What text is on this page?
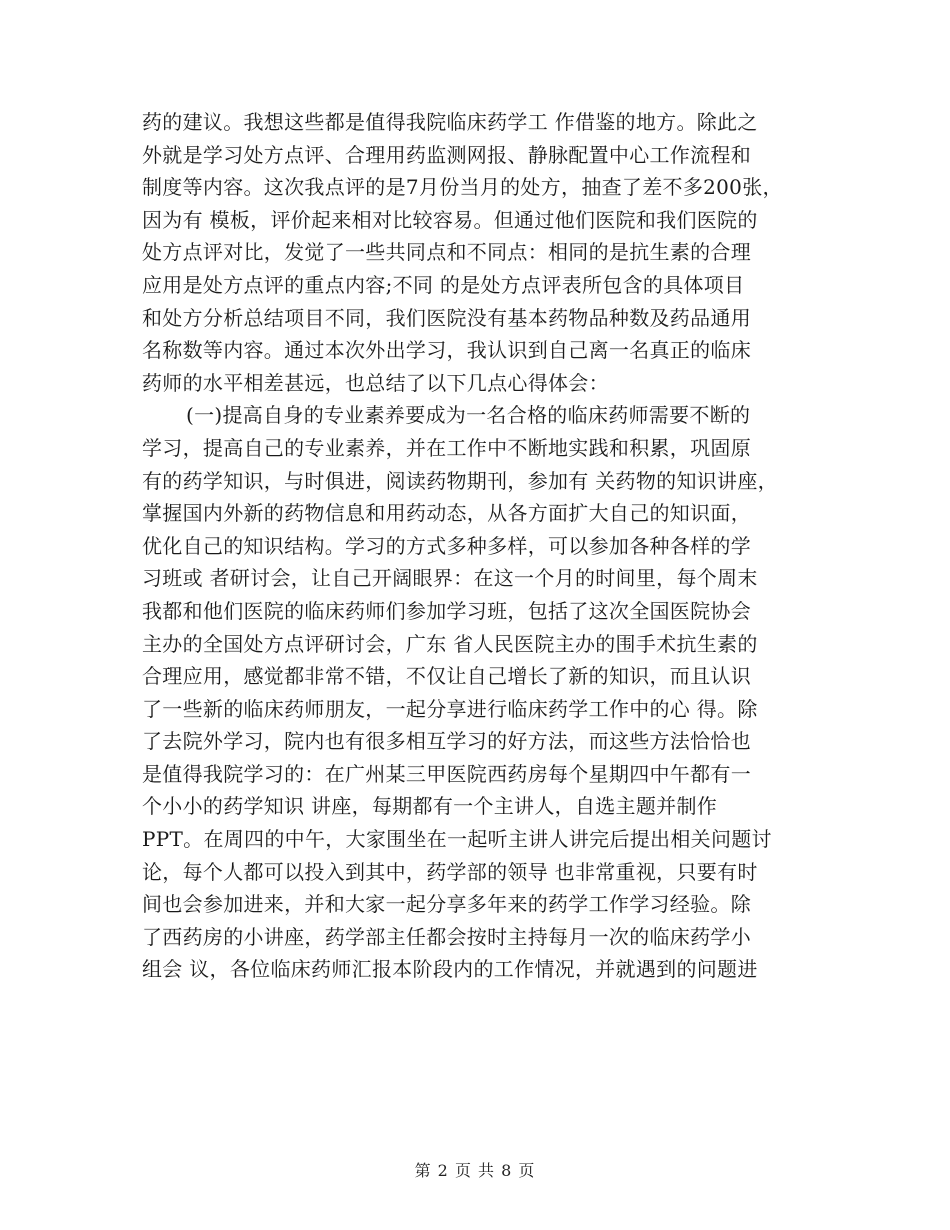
药的建议。我想这些都是值得我院临床药学工 作借鉴的地方。除此之
外就是学习处方点评、合理用药监测网报、静脉配置中心工作流程和
制度等内容。这次我点评的是7月份当月的处方，抽查了差不多200张，
因为有 模板，评价起来相对比较容易。但通过他们医院和我们医院的
处方点评对比，发觉了一些共同点和不同点：相同的是抗生素的合理
应用是处方点评的重点内容;不同 的是处方点评表所包含的具体项目
和处方分析总结项目不同，我们医院没有基本药物品种数及药品通用
名称数等内容。通过本次外出学习，我认识到自己离一名真正的临床
药师的水平相差甚远，也总结了以下几点心得体会：
(一)提高自身的专业素养要成为一名合格的临床药师需要不断的
学习，提高自己的专业素养，并在工作中不断地实践和积累，巩固原
有的药学知识，与时俱进，阅读药物期刊，参加有 关药物的知识讲座，
掌握国内外新的药物信息和用药动态，从各方面扩大自己的知识面，
优化自己的知识结构。学习的方式多种多样，可以参加各种各样的学
习班或 者研讨会，让自己开阔眼界：在这一个月的时间里，每个周末
我都和他们医院的临床药师们参加学习班，包括了这次全国医院协会
主办的全国处方点评研讨会，广东 省人民医院主办的围手术抗生素的
合理应用，感觉都非常不错，不仅让自己增长了新的知识，而且认识
了一些新的临床药师朋友，一起分享进行临床药学工作中的心 得。除
了去院外学习，院内也有很多相互学习的好方法，而这些方法恰恰也
是值得我院学习的：在广州某三甲医院西药房每个星期四中午都有一
个小小的药学知识 讲座，每期都有一个主讲人，自选主题并制作
PPT。在周四的中午，大家围坐在一起听主讲人讲完后提出相关问题讨
论，每个人都可以投入到其中，药学部的领导 也非常重视，只要有时
间也会参加进来，并和大家一起分享多年来的药学工作学习经验。除
了西药房的小讲座，药学部主任都会按时主持每月一次的临床药学小
组会 议，各位临床药师汇报本阶段内的工作情况，并就遇到的问题进
第 2 页 共 8 页
